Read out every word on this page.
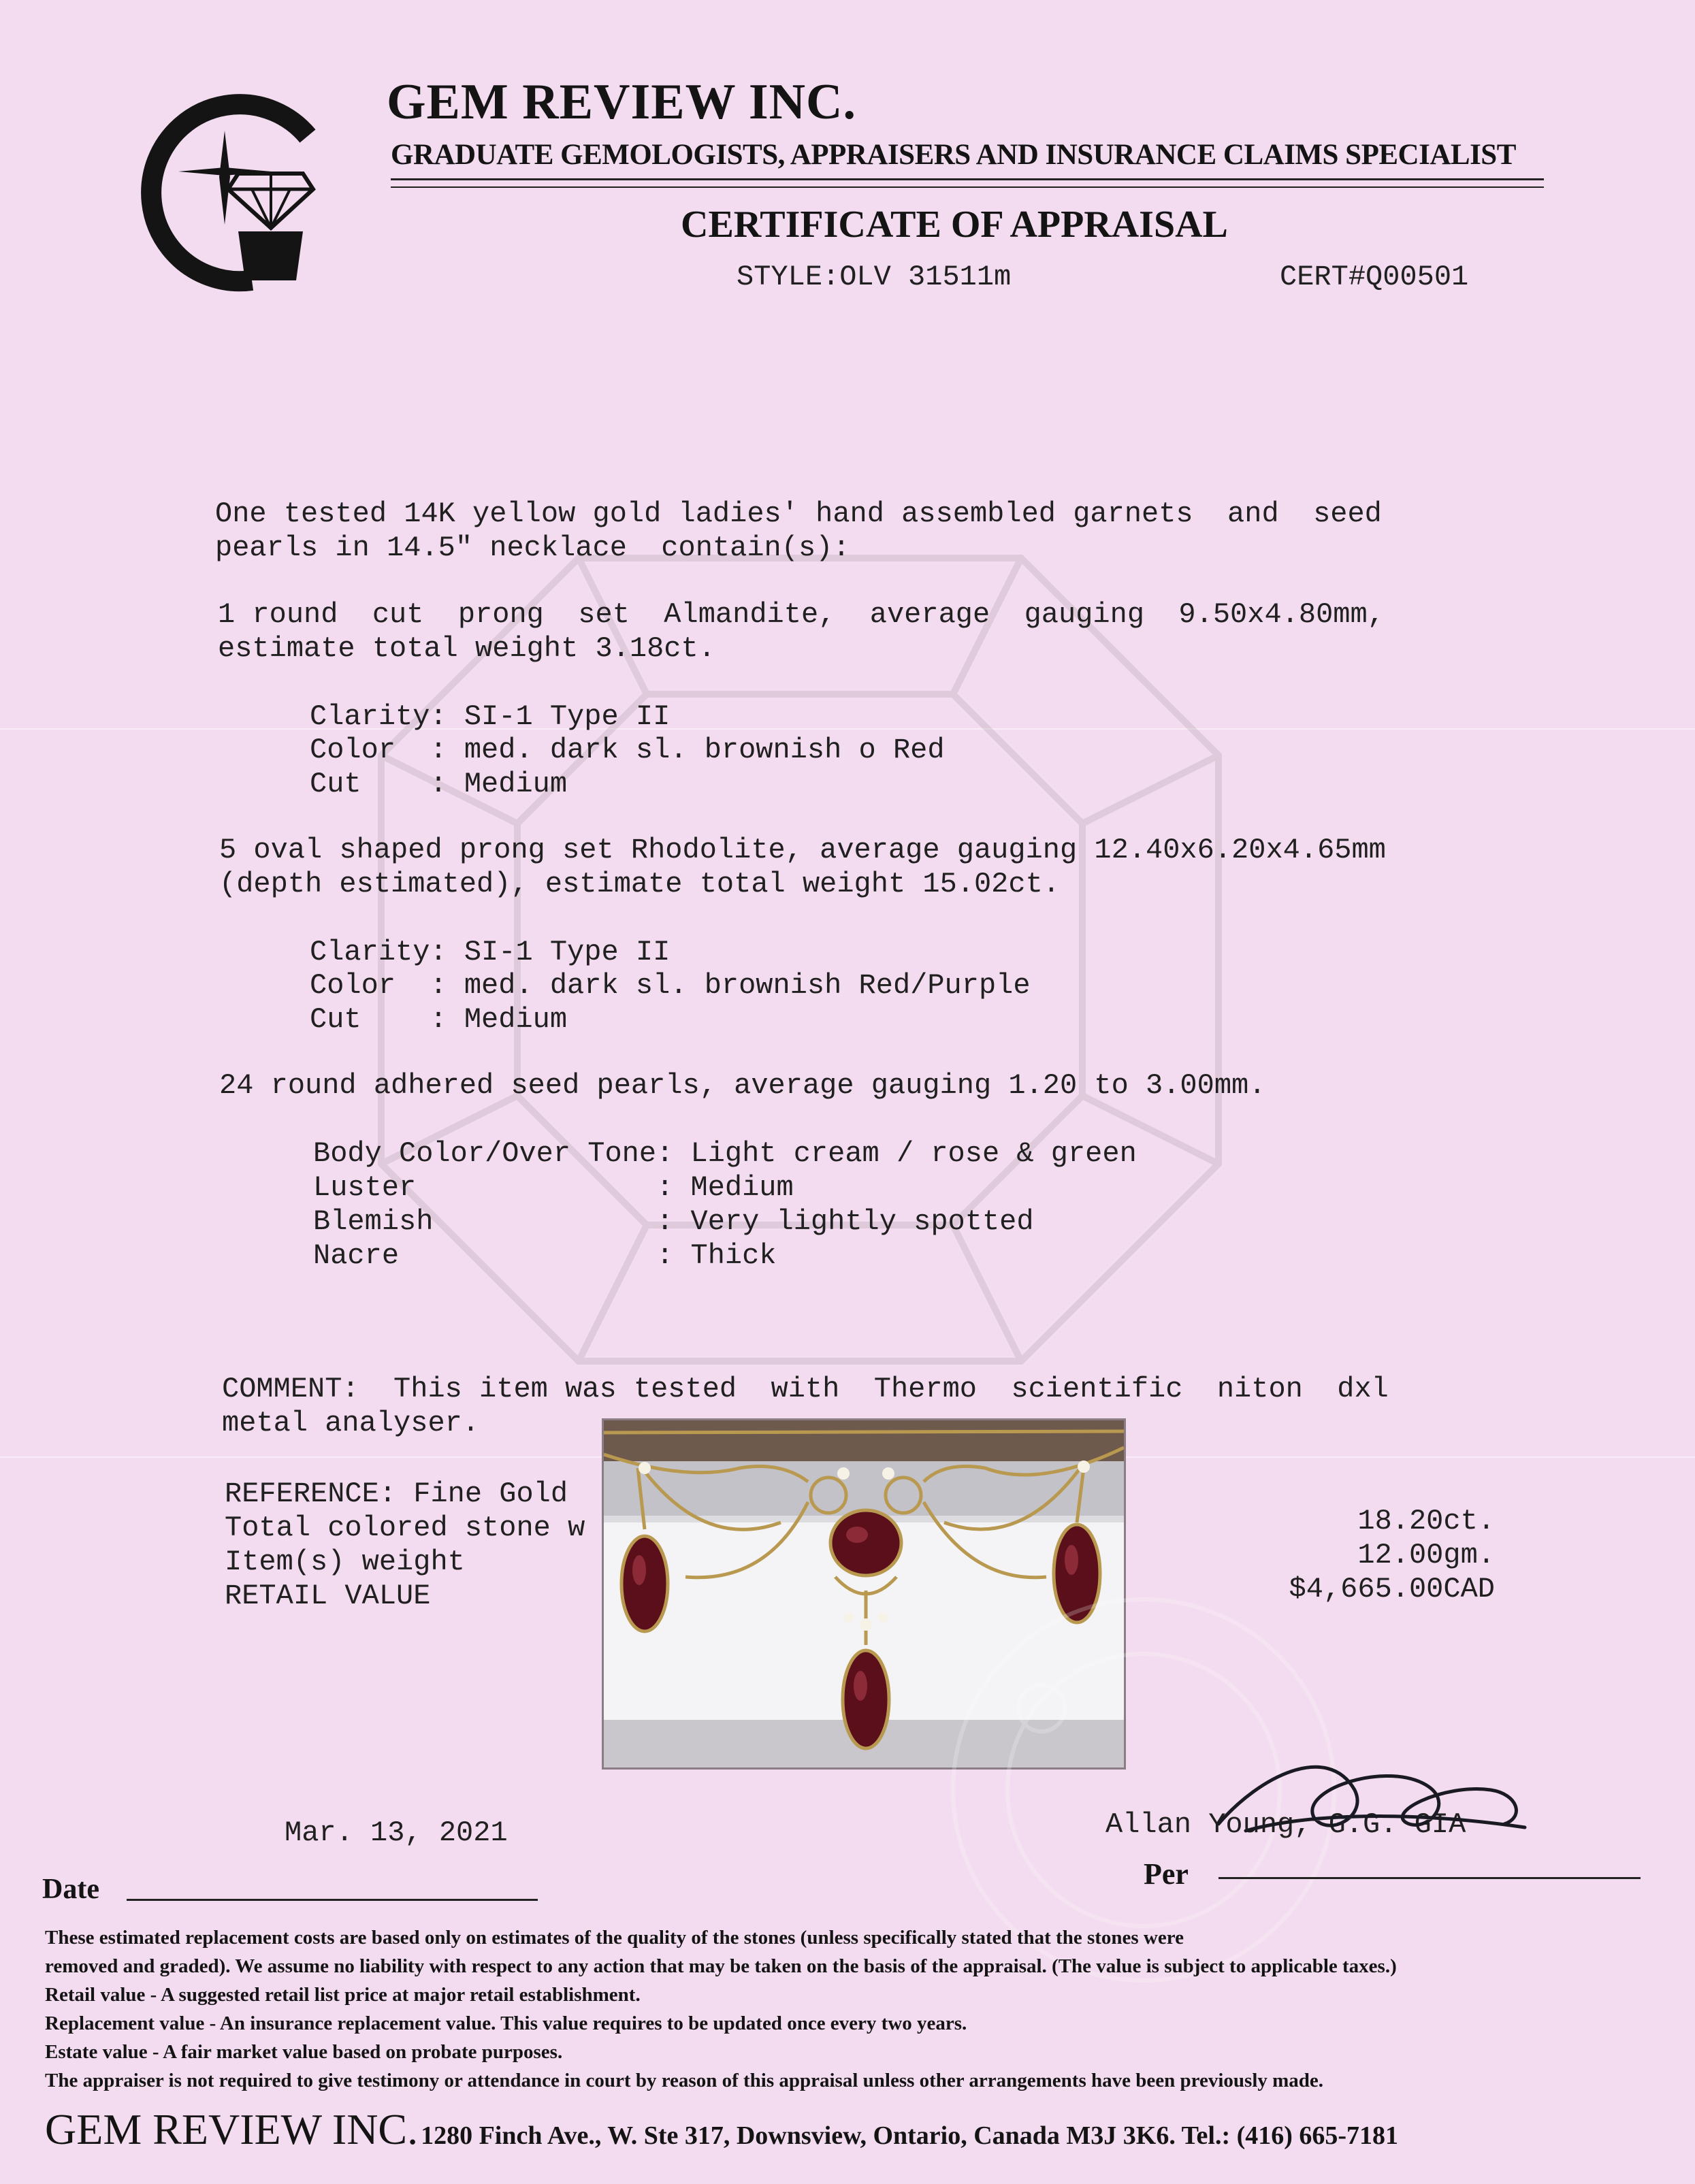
GEM REVIEW INC.
GRADUATE GEMOLOGISTS, APPRAISERS AND INSURANCE CLAIMS SPECIALIST
CERTIFICATE OF APPRAISAL
STYLE:OLV 31511m	CERT#Q00501
One tested 14K yellow gold ladies' hand assembled garnets  and  seed
pearls in 14.5" necklace  contain(s):
1 round  cut  prong  set  Almandite,  average  gauging  9.50x4.80mm,
estimate total weight 3.18ct.
Clarity: SI-1 Type II
Color  : med. dark sl. brownish o Red
Cut    : Medium
5 oval shaped prong set Rhodolite, average gauging 12.40x6.20x4.65mm
(depth estimated), estimate total weight 15.02ct.
Clarity: SI-1 Type II
Color  : med. dark sl. brownish Red/Purple
Cut    : Medium
24 round adhered seed pearls, average gauging 1.20 to 3.00mm.
Body Color/Over Tone: Light cream / rose & green
Luster              : Medium
Blemish             : Very lightly spotted
Nacre               : Thick
COMMENT:  This item was tested  with  Thermo  scientific  niton  dxl
metal analyser.
REFERENCE: Fine Gold
Total colored stone w
Item(s) weight
RETAIL VALUE
18.20ct.
12.00gm.
$4,665.00CAD
Mar. 13, 2021
Date
Allan Young, G.G. GIA
Per
These estimated replacement costs are based only on estimates of the quality of the stones (unless specifically stated that the stones were
removed and graded). We assume no liability with respect to any action that may be taken on the basis of the appraisal. (The value is subject to applicable taxes.)
Retail value - A suggested retail list price at major retail establishment.
Replacement value - An insurance replacement value. This value requires to be updated once every two years.
Estate value - A fair market value based on probate purposes.
The appraiser is not required to give testimony or attendance in court by reason of this appraisal unless other arrangements have been previously made.
GEM REVIEW INC. 1280 Finch Ave., W. Ste 317, Downsview, Ontario, Canada M3J 3K6. Tel.: (416) 665-7181
